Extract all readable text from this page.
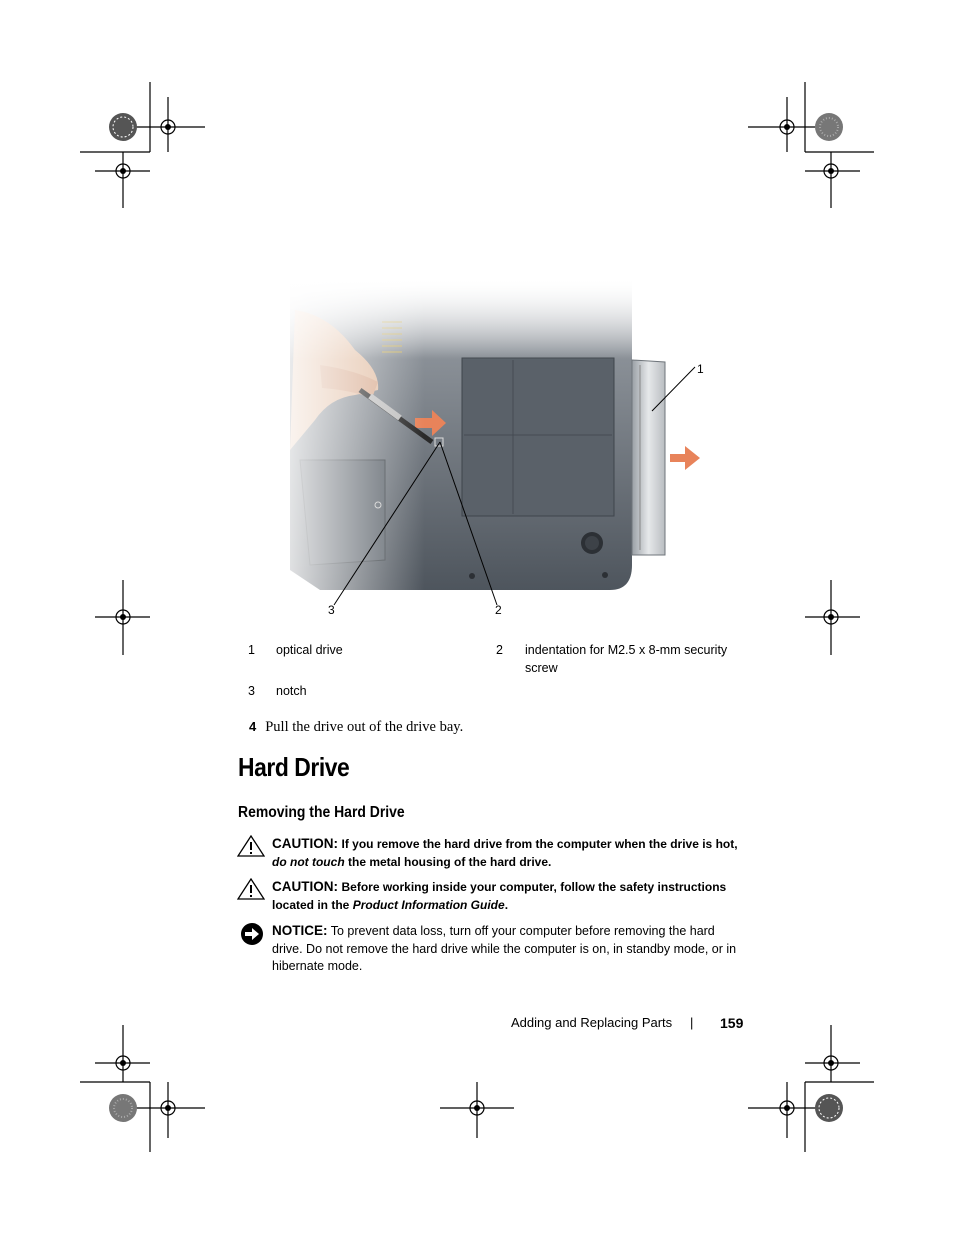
1
2
3
1 optical drive	2 indentation for M2.5 x 8-mm security
screw
3 notch
4 Pull the drive out of the drive bay.
Hard Drive
Removing the Hard Drive
CAUTION: If you remove the hard drive from the computer when the drive is hot,
do not touch the metal housing of the hard drive.
CAUTION: Before working inside your computer, follow the safety instructions
located in the Product Information Guide.
NOTICE: To prevent data loss, turn off your computer before removing the hard
drive. Do not remove the hard drive while the computer is on, in standby mode, or in
hibernate mode.
Adding and Replacing Parts | 159
